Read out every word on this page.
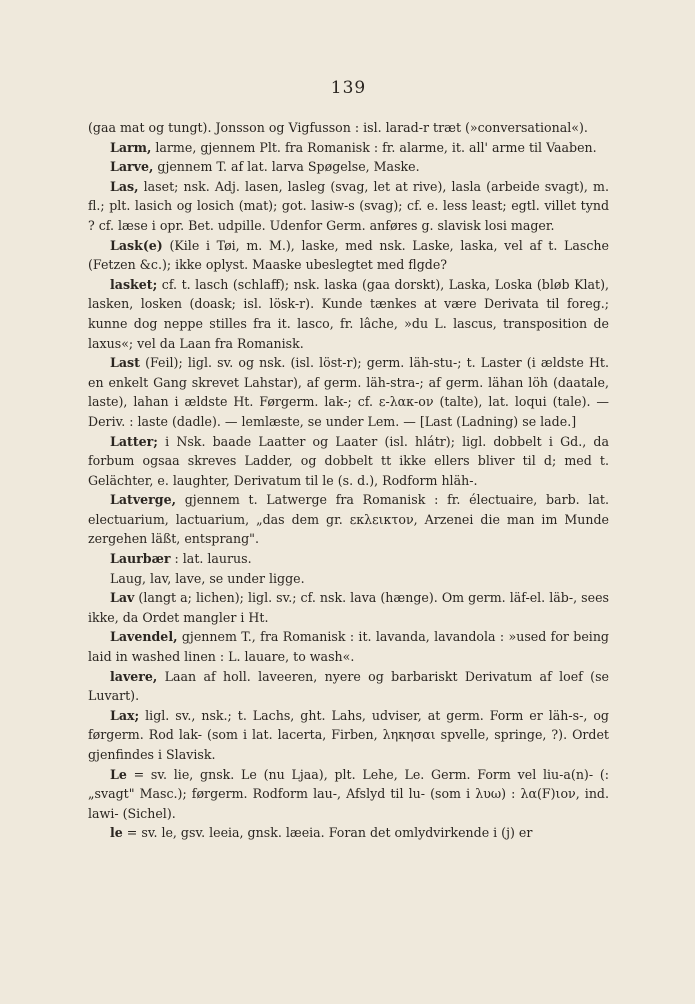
139

(gaa mat og tungt). Jonsson og Vigfusson : isl. larad-r træt (»conversational«).

Larm, larme, gjennem Plt. fra Romanisk : fr. alarme, it. all' arme til Vaaben.

Larve, gjennem T. af lat. larva Spøgelse, Maske.

Las, laset; nsk. Adj. lasen, lasleg (svag, let at rive), lasla (arbeide svagt), m. fl.; plt. lasich og losich (mat); got. lasiw-s (svag); cf. e. less least; egtl. villet tynd ? cf. læse i opr. Bet. udpille. Udenfor Germ. anføres g. slavisk losi mager.

Lask(e) (Kile i Tøi, m. M.), laske, med nsk. Laske, laska, vel af t. Lasche (Fetzen &c.); ikke oplyst. Maaske ubeslegtet med flgde?

lasket; cf. t. lasch (schlaff); nsk. laska (gaa dorskt), Laska, Loska (bløb Klat), lasken, losken (doask; isl. lösk-r). Kunde tænkes at være Derivata til foreg.; kunne dog neppe stilles fra it. lasco, fr. lâche, »du L. lascus, transposition de laxus«; vel da Laan fra Romanisk.

Last (Feil); ligl. sv. og nsk. (isl. löst-r); germ. läh-stu-; t. Laster (i ældste Ht. en enkelt Gang skrevet Lahstar), af germ. läh-stra-; af germ. lähan löh (daatale, laste), lahan i ældste Ht. Førgerm. lak-; cf. ε-λακ-ον (talte), lat. loqui (tale). — Deriv. : laste (dadle). — lemlæste, se under Lem. — [Last (Ladning) se lade.]

Latter; i Nsk. baade Laatter og Laater (isl. hlátr); ligl. dobbelt i Gd., da forbum ogsaa skreves Ladder, og dobbelt tt ikke ellers bliver til d; med t. Gelächter, e. laughter, Derivatum til le (s. d.), Rodform hläh-.

Latverge, gjennem t. Latwerge fra Romanisk : fr. électuaire, barb. lat. electuarium, lactuarium, „das dem gr. εκλεικτον, Arzenei die man im Munde zergehen läßt, entsprang".

Laurbær : lat. laurus.

Laug, lav, lave, se under ligge.

Lav (langt a; lichen); ligl. sv.; cf. nsk. lava (hænge). Om germ. läf-el. läb-, sees ikke, da Ordet mangler i Ht.

Lavendel, gjennem T., fra Romanisk : it. lavanda, lavandola : »used for being laid in washed linen : L. lauare, to wash«.

lavere, Laan af holl. laveeren, nyere og barbariskt Derivatum af loef (se Luvart).

Lax; ligl. sv., nsk.; t. Lachs, ght. Lahs, udviser, at germ. Form er läh-s-, og førgerm. Rod lak- (som i lat. lacerta, Firben, ληκησαι spvelle, springe, ?). Ordet gjenfindes i Slavisk.

Le = sv. lie, gnsk. Le (nu Ljaa), plt. Lehe, Le. Germ. Form vel liu-a(n)- (: „svagt" Masc.); førgerm. Rodform lau-, Afslyd til lu- (som i λυω) : λα(F)ιον, ind. lawi- (Sichel).

le = sv. le, gsv. leeia, gnsk. læeia. Foran det omlydvirkende i (j) er
